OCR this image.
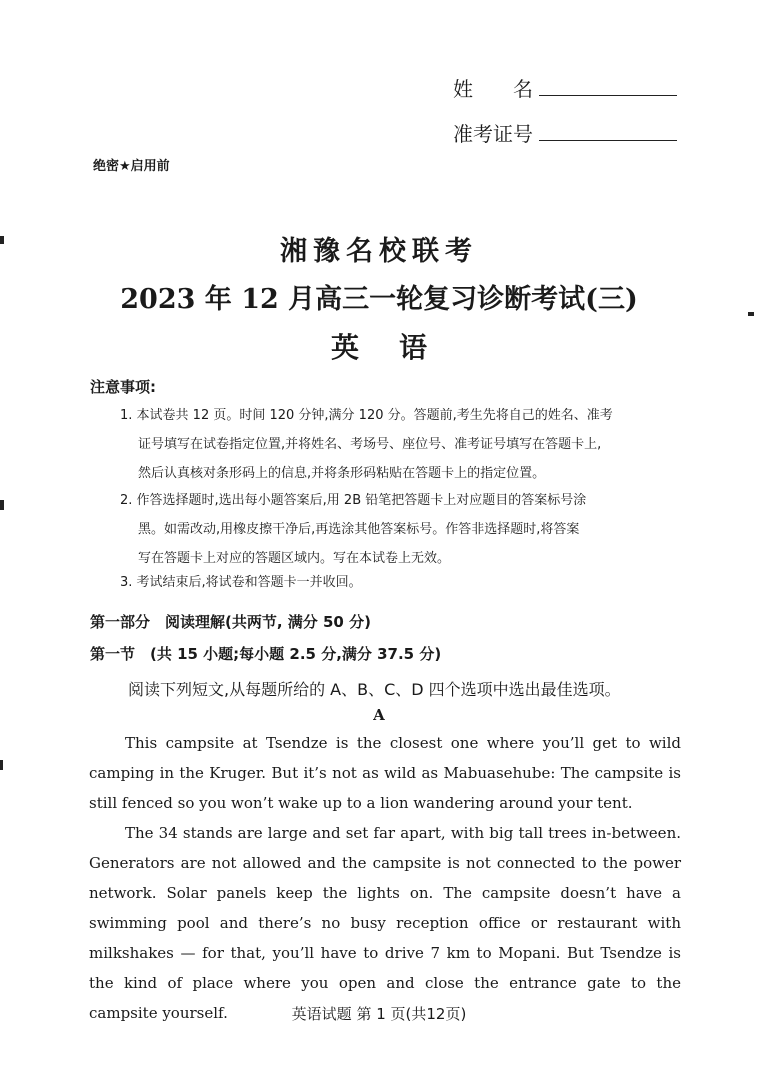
姓　　名
准考证号
绝密★启用前
湘豫名校联考
2023 年 12 月高三一轮复习诊断考试(三)
英语
注意事项:
1. 本试卷共 12 页。时间 120 分钟,满分 120 分。答题前,考生先将自己的姓名、准考
证号填写在试卷指定位置,并将姓名、考场号、座位号、准考证号填写在答题卡上,
然后认真核对条形码上的信息,并将条形码粘贴在答题卡上的指定位置。
2. 作答选择题时,选出每小题答案后,用 2B 铅笔把答题卡上对应题目的答案标号涂
黑。如需改动,用橡皮擦干净后,再选涂其他答案标号。作答非选择题时,将答案
写在答题卡上对应的答题区域内。写在本试卷上无效。
3. 考试结束后,将试卷和答题卡一并收回。
第一部分　阅读理解(共两节, 满分 50 分)
第一节　(共 15 小题;每小题 2.5 分,满分 37.5 分)
阅读下列短文,从每题所给的 A、B、C、D 四个选项中选出最佳选项。
A
This campsite at Tsendze is the closest one where you’ll get to wild camping in the Kruger. But it’s not as wild as Mabuasehube: The campsite is still fenced so you won’t wake up to a lion wandering around your tent.
The 34 stands are large and set far apart, with big tall trees in-between. Generators are not allowed and the campsite is not connected to the power network. Solar panels keep the lights on. The campsite doesn’t have a swimming pool and there’s no busy reception office or restaurant with milkshakes — for that, you’ll have to drive 7 km to Mopani. But Tsendze is the kind of place where you open and close the entrance gate to the campsite yourself.	英语试题 第 1 页(共12页)
